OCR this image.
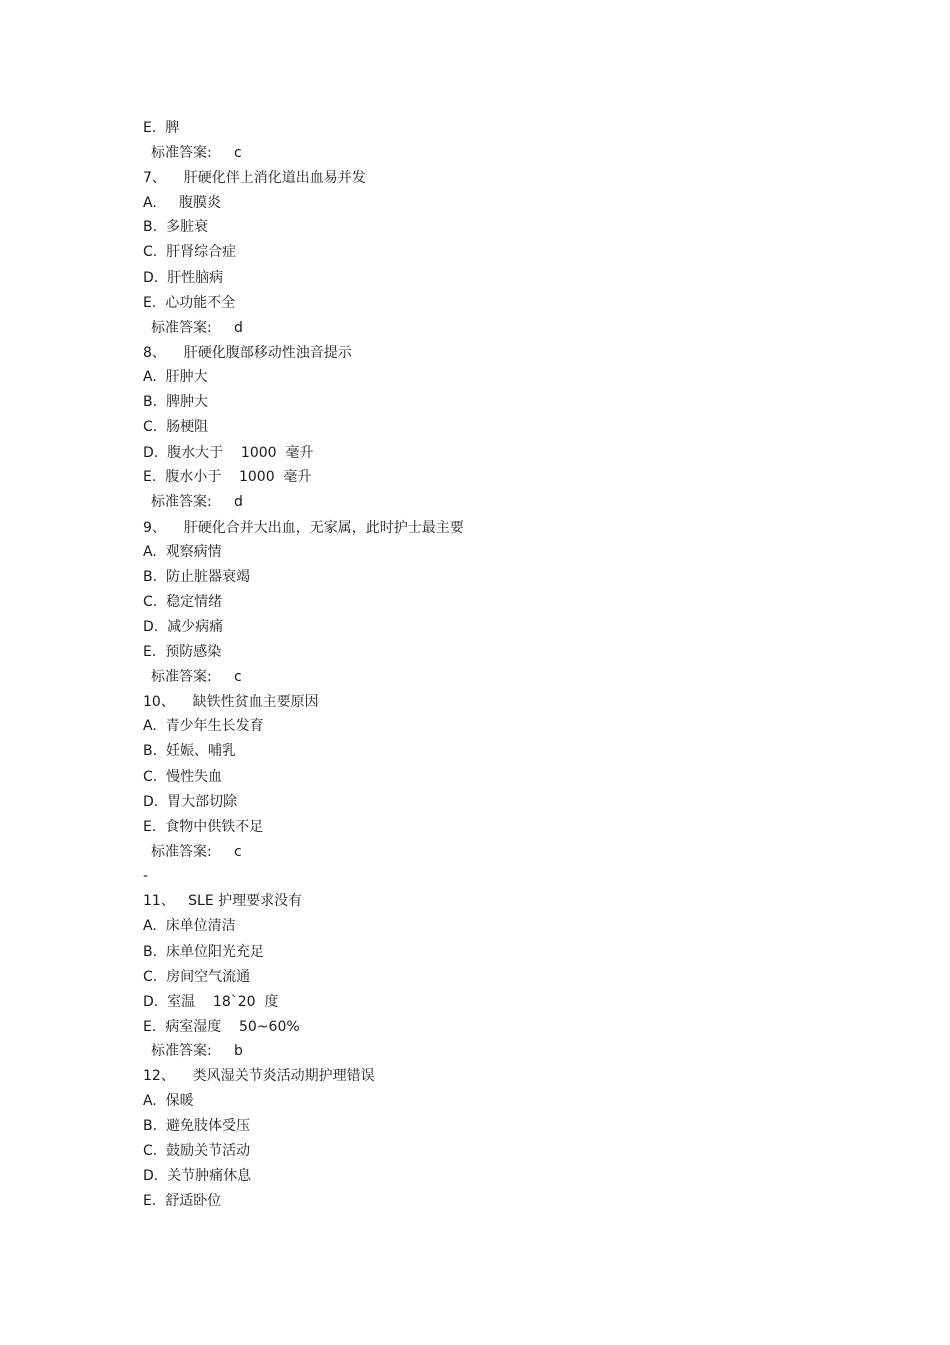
E.  脾
标准答案:     c
7、    肝硬化伴上消化道出血易并发
A.     腹膜炎
B.  多脏衰
C.  肝肾综合症
D.  肝性脑病
E.  心功能不全
标准答案:     d
8、    肝硬化腹部移动性浊音提示
A.  肝肿大
B.  脾肿大
C.  肠梗阻
D.  腹水大于    1000  毫升
E.  腹水小于    1000  毫升
标准答案:     d
9、    肝硬化合并大出血，无家属，此时护士最主要
A.  观察病情
B.  防止脏器衰竭
C.  稳定情绪
D.  减少病痛
E.  预防感染
标准答案:     c
10、    缺铁性贫血主要原因
A.  青少年生长发育
B.  妊娠、哺乳
C.  慢性失血
D.  胃大部切除
E.  食物中供铁不足
标准答案:     c
-
11、   SLE 护理要求没有
A.  床单位清洁
B.  床单位阳光充足
C.  房间空气流通
D.  室温    18`20  度
E.  病室湿度    50~60%
标准答案:     b
12、    类风湿关节炎活动期护理错误
A.  保暖
B.  避免肢体受压
C.  鼓励关节活动
D.  关节肿痛休息
E.  舒适卧位
